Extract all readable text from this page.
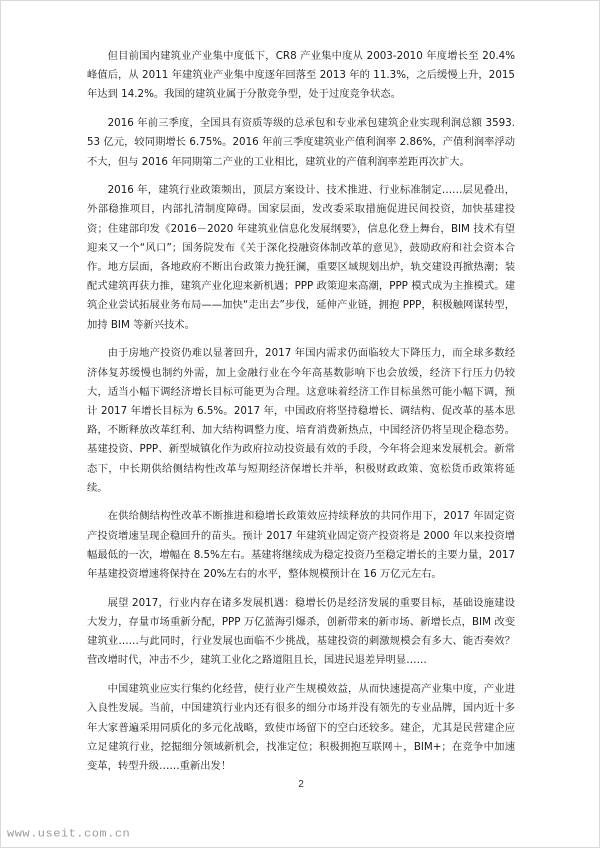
但目前国内建筑业产业集中度低下，CR8 产业集中度从 2003-2010 年度增长至 20.4%峰值后，从 2011 年建筑业产业集中度逐年回落至 2013 年的 11.3%，之后缓慢上升，2015 年达到 14.2%。我国的建筑业属于分散竞争型，处于过度竞争状态。

2016 年前三季度，全国具有资质等级的总承包和专业承包建筑企业实现利润总额 3593.53 亿元，较同期增长 6.75%。2016 年前三季度建筑业产值利润率 2.86%，产值利润率浮动不大，但与 2016 年同期第二产业的工业相比，建筑业的产值利润率差距再次扩大。

2016 年，建筑行业政策频出，顶层方案设计、技术推进、行业标准制定……层见叠出，外部稳推项目，内部扎清制度障碍。国家层面，发改委采取措施促进民间投资，加快基建投资；住建部印发《2016－2020 年建筑业信息化发展纲要》，信息化登上舞台，BIM 技术有望迎来又一个“风口”；国务院发布《关于深化投融资体制改革的意见》，鼓励政府和社会资本合作。地方层面，各地政府不断出台政策力挽狂澜，重要区域规划出炉，轨交建设再掀热潮；装配式建筑再获力推，建筑产业化迎来新机遇；PPP 政策迎来高潮，PPP 模式成为主推模式。建筑企业尝试拓展业务布局——加快“走出去”步伐，延伸产业链，拥抱 PPP，积极触网谋转型，加持 BIM 等新兴技术。

由于房地产投资仍难以显著回升，2017 年国内需求仍面临较大下降压力，而全球多数经济体复苏缓慢也制约外需，加上金融行业在今年高基数影响下也会放缓，经济下行压力仍较大，适当小幅下调经济增长目标可能更为合理。这意味着经济工作目标虽然可能小幅下调，预计 2017 年增长目标为 6.5%。2017 年，中国政府将坚持稳增长、调结构、促改革的基本思路，不断释放改革红利、加大结构调整力度、培育消费新热点，中国经济仍将呈现企稳态势。基建投资、PPP、新型城镇化作为政府拉动投资最有效的手段，今年将会迎来发展机会。新常态下，中长期供给侧结构性改革与短期经济保增长并举，积极财政政策、宽松货币政策将延续。

在供给侧结构性改革不断推进和稳增长政策效应持续释放的共同作用下，2017 年固定资产投资增速呈现企稳回升的苗头。预计 2017 年建筑业固定资产投资将是 2000 年以来投资增幅最低的一次，增幅在 8.5%左右。基建将继续成为稳定投资乃至稳定增长的主要力量，2017 年基建投资增速将保持在 20%左右的水平，整体规模预计在 16 万亿元左右。

展望 2017，行业内存在诸多发展机遇：稳增长仍是经济发展的重要目标，基础设施建设大发力，存量市场重新分配，PPP 万亿蓝海引爆杀，创新带来的新市场、新增长点，BIM 改变建筑业……与此同时，行业发展也面临不少挑战，基建投资的刺激规模会有多大、能否奏效？营改增时代，冲击不少，建筑工业化之路道阻且长，国进民退差异明显……

中国建筑业应实行集约化经营，使行业产生规模效益，从而快速提高产业集中度，产业进入良性发展。当前，中国建筑行业内还有很多的细分市场并没有领先的专业品牌，国内近十多年大家普遍采用同质化的多元化战略，致使市场留下的空白还较多。建企，尤其是民营建企应立足建筑行业，挖掘细分领域新机会，找准定位；积极拥抱互联网＋，BIM+；在竞争中加速变革，转型升级……重新出发！

2
www.useit.com.cn
